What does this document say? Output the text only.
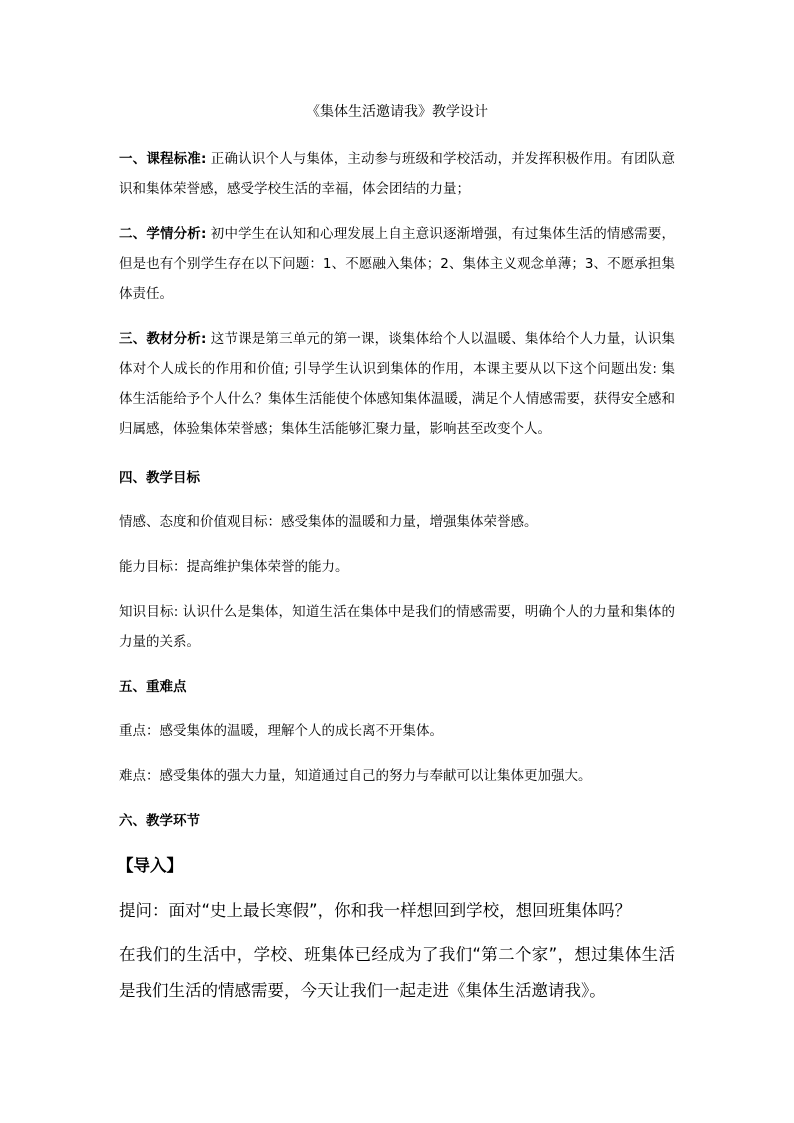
《集体生活邀请我》教学设计
一、课程标准: 正确认识个人与集体，主动参与班级和学校活动，并发挥积极作用。有团队意识和集体荣誉感，感受学校生活的幸福，体会团结的力量；
二、学情分析: 初中学生在认知和心理发展上自主意识逐渐增强，有过集体生活的情感需要，但是也有个别学生存在以下问题：1、不愿融入集体；2、集体主义观念单薄；3、不愿承担集体责任。
三、教材分析: 这节课是第三单元的第一课，谈集体给个人以温暖、集体给个人力量，认识集体对个人成长的作用和价值; 引导学生认识到集体的作用，本课主要从以下这个问题出发: 集体生活能给予个人什么？集体生活能使个体感知集体温暖，满足个人情感需要，获得安全感和归属感，体验集体荣誉感；集体生活能够汇聚力量，影响甚至改变个人。
四、教学目标
情感、态度和价值观目标：感受集体的温暖和力量，增强集体荣誉感。
能力目标：提高维护集体荣誉的能力。
知识目标: 认识什么是集体，知道生活在集体中是我们的情感需要，明确个人的力量和集体的力量的关系。
五、重难点
重点：感受集体的温暖，理解个人的成长离不开集体。
难点：感受集体的强大力量，知道通过自己的努力与奉献可以让集体更加强大。
六、教学环节
【导入】
提问：面对“史上最长寒假”，你和我一样想回到学校，想回班集体吗？
在我们的生活中，学校、班集体已经成为了我们“第二个家”，想过集体生活是我们生活的情感需要，今天让我们一起走进《集体生活邀请我》。
